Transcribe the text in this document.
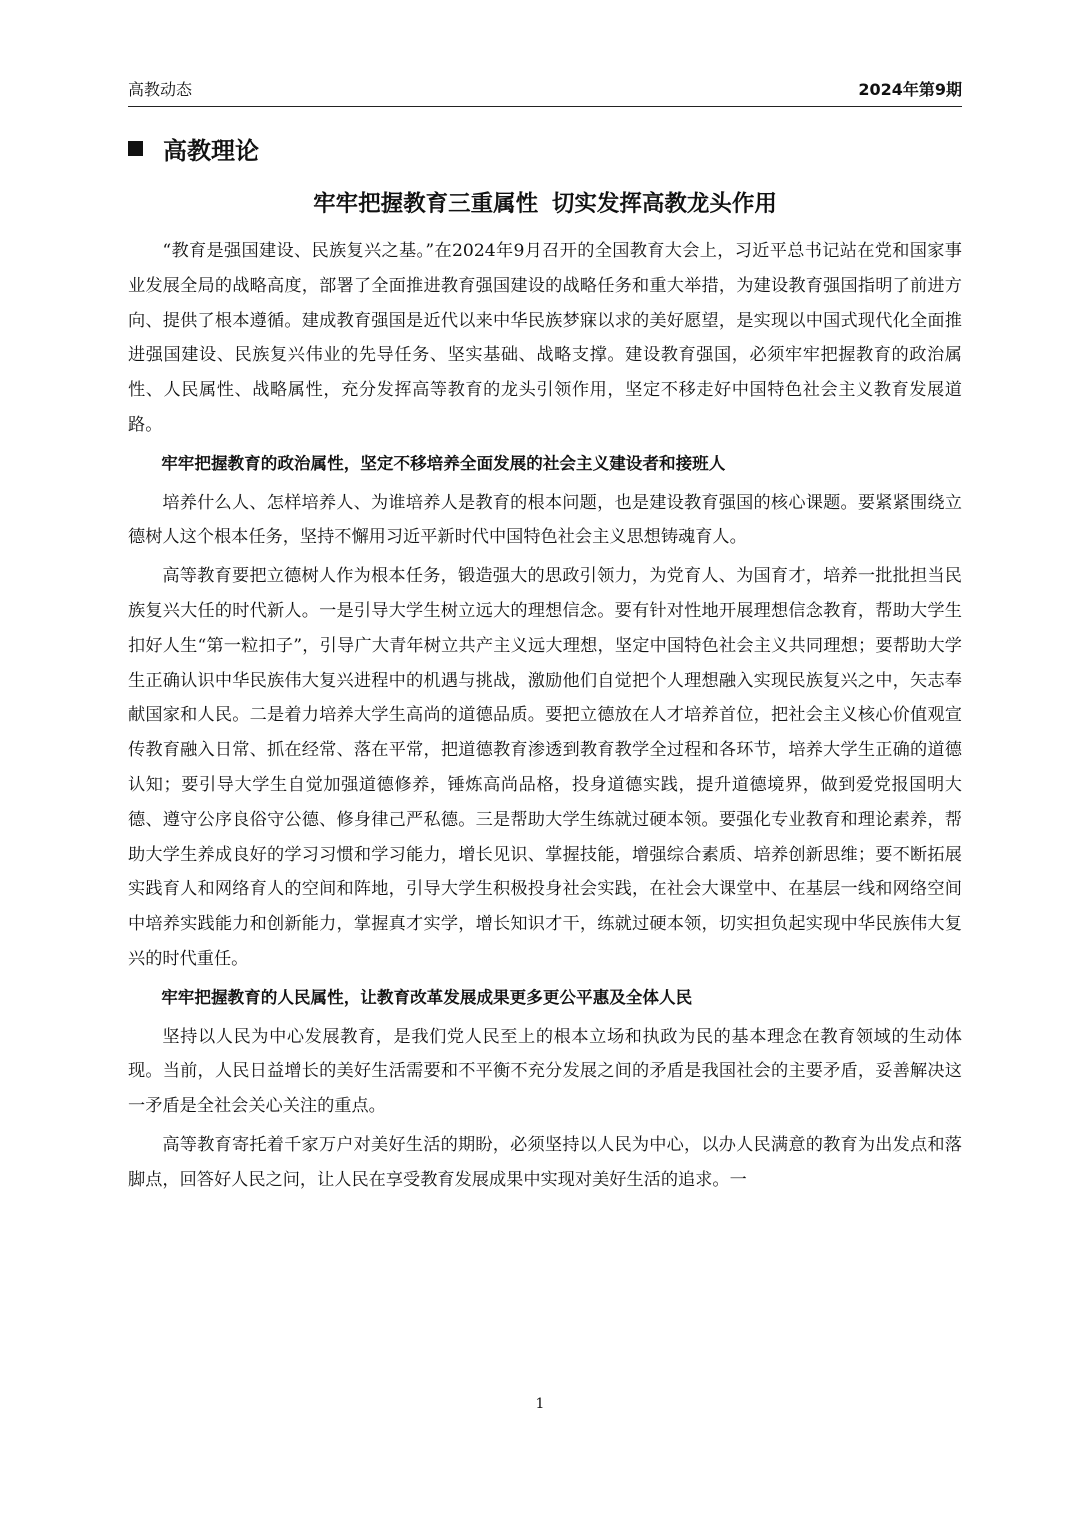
高教动态	2024年第9期
高教理论
牢牢把握教育三重属性 切实发挥高教龙头作用

“教育是强国建设、民族复兴之基。”在2024年9月召开的全国教育大会上，习近平总书记站在党和国家事业发展全局的战略高度，部署了全面推进教育强国建设的战略任务和重大举措，为建设教育强国指明了前进方向、提供了根本遵循。建成教育强国是近代以来中华民族梦寐以求的美好愿望，是实现以中国式现代化全面推进强国建设、民族复兴伟业的先导任务、坚实基础、战略支撑。建设教育强国，必须牢牢把握教育的政治属性、人民属性、战略属性，充分发挥高等教育的龙头引领作用，坚定不移走好中国特色社会主义教育发展道路。

牢牢把握教育的政治属性，坚定不移培养全面发展的社会主义建设者和接班人

培养什么人、怎样培养人、为谁培养人是教育的根本问题，也是建设教育强国的核心课题。要紧紧围绕立德树人这个根本任务，坚持不懈用习近平新时代中国特色社会主义思想铸魂育人。

高等教育要把立德树人作为根本任务，锻造强大的思政引领力，为党育人、为国育才，培养一批批担当民族复兴大任的时代新人。一是引导大学生树立远大的理想信念。要有针对性地开展理想信念教育，帮助大学生扣好人生“第一粒扣子”，引导广大青年树立共产主义远大理想，坚定中国特色社会主义共同理想；要帮助大学生正确认识中华民族伟大复兴进程中的机遇与挑战，激励他们自觉把个人理想融入实现民族复兴之中，矢志奉献国家和人民。二是着力培养大学生高尚的道德品质。要把立德放在人才培养首位，把社会主义核心价值观宣传教育融入日常、抓在经常、落在平常，把道德教育渗透到教育教学全过程和各环节，培养大学生正确的道德认知；要引导大学生自觉加强道德修养，锤炼高尚品格，投身道德实践，提升道德境界，做到爱党报国明大德、遵守公序良俗守公德、修身律己严私德。三是帮助大学生练就过硬本领。要强化专业教育和理论素养，帮助大学生养成良好的学习习惯和学习能力，增长见识、掌握技能，增强综合素质、培养创新思维；要不断拓展实践育人和网络育人的空间和阵地，引导大学生积极投身社会实践，在社会大课堂中、在基层一线和网络空间中培养实践能力和创新能力，掌握真才实学，增长知识才干，练就过硬本领，切实担负起实现中华民族伟大复兴的时代重任。

牢牢把握教育的人民属性，让教育改革发展成果更多更公平惠及全体人民

坚持以人民为中心发展教育，是我们党人民至上的根本立场和执政为民的基本理念在教育领域的生动体现。当前，人民日益增长的美好生活需要和不平衡不充分发展之间的矛盾是我国社会的主要矛盾，妥善解决这一矛盾是全社会关心关注的重点。

高等教育寄托着千家万户对美好生活的期盼，必须坚持以人民为中心，以办人民满意的教育为出发点和落脚点，回答好人民之问，让人民在享受教育发展成果中实现对美好生活的追求。一

1
